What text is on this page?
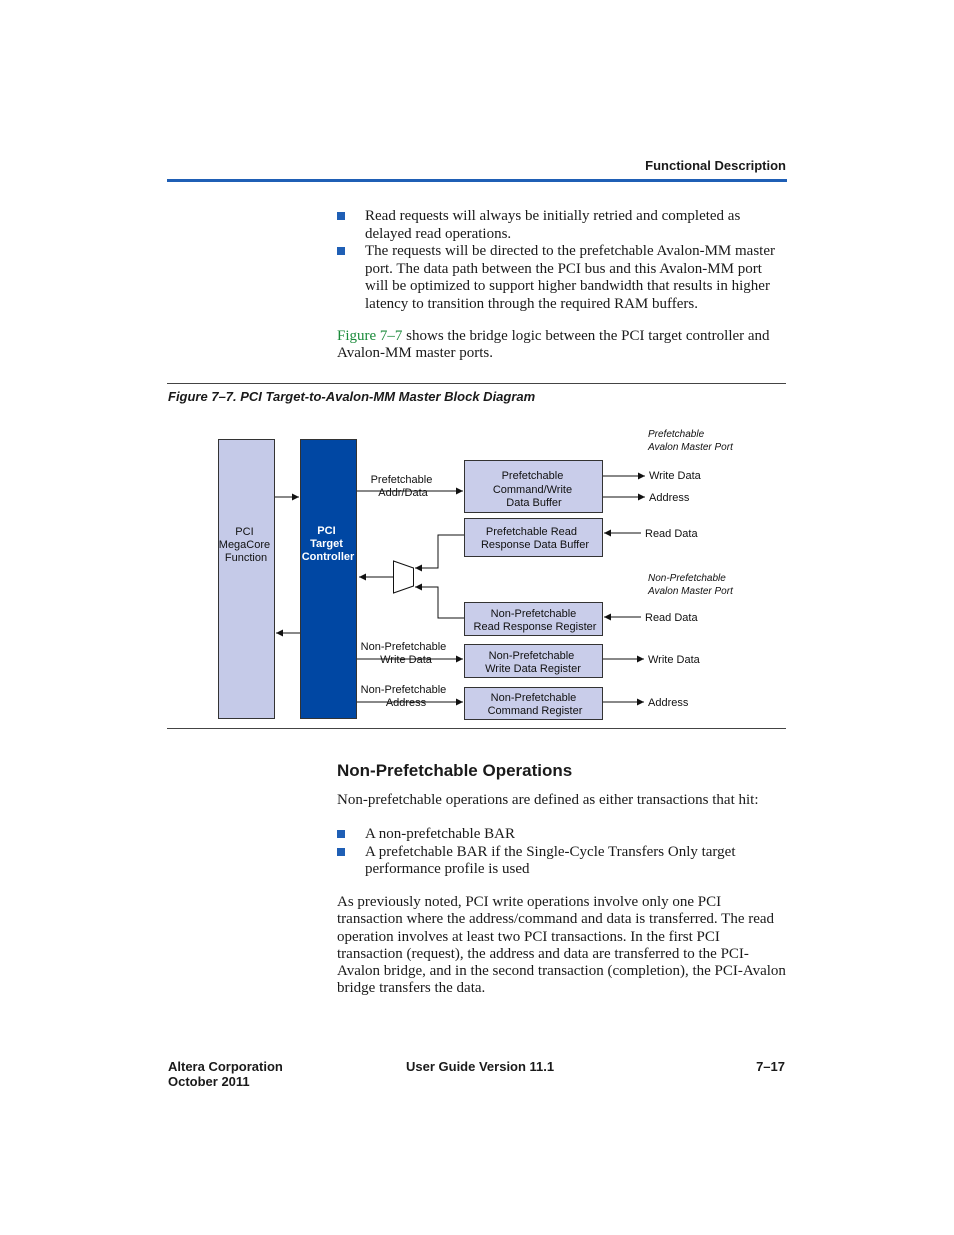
Functional Description
Read requests will always be initially retried and completed as delayed read operations.
The requests will be directed to the prefetchable Avalon-MM master port. The data path between the PCI bus and this Avalon-MM port will be optimized to support higher bandwidth that results in higher latency to transition through the required RAM buffers.
Figure 7–7 shows the bridge logic between the PCI target controller and Avalon-MM master ports.
Figure 7–7. PCI Target-to-Avalon-MM Master Block Diagram
PCI MegaCore Function
PCI Target Controller
Prefetchable Command/Write Data Buffer
Prefetchable Read Response Data Buffer
Non-Prefetchable Read Response Register
Non-Prefetchable Write Data Register
Non-Prefetchable Command Register
Prefetchable Addr/Data
Non-Prefetchable Write Data
Non-Prefetchable Address
Prefetchable Avalon Master Port
Non-Prefetchable Avalon Master Port
Write Data
Address
Read Data
Read Data
Write Data
Address
Non-Prefetchable Operations
Non-prefetchable operations are defined as either transactions that hit:
A non-prefetchable BAR
A prefetchable BAR if the Single-Cycle Transfers Only target performance profile is used
As previously noted, PCI write operations involve only one PCI transaction where the address/command and data is transferred. The read operation involves at least two PCI transactions. In the first PCI transaction (request), the address and data are transferred to the PCI-Avalon bridge, and in the second transaction (completion), the PCI-Avalon bridge transfers the data.
Altera Corporation
October 2011
User Guide Version 11.1	7–17
